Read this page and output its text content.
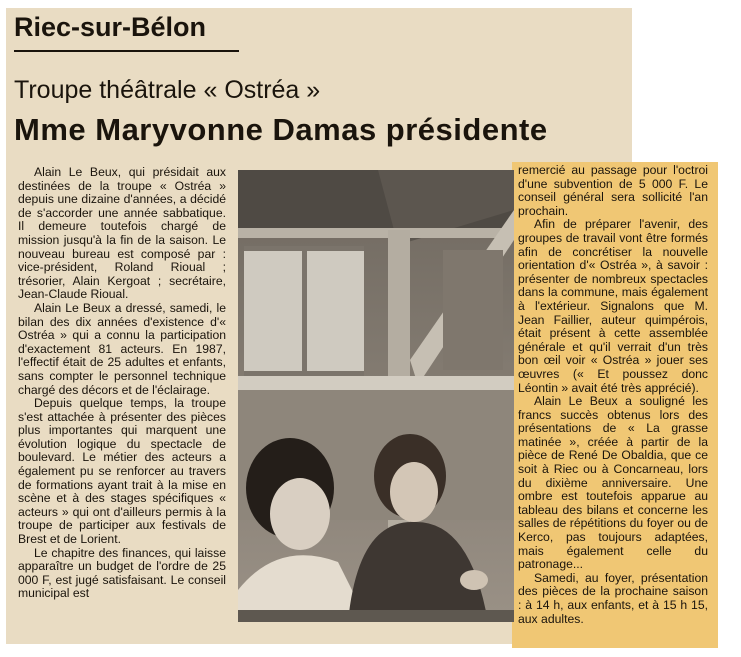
Riec-sur-Bélon
Troupe théâtrale « Ostréa »
Mme Maryvonne Damas présidente

Alain Le Beux, qui présidait aux destinées de la troupe « Ostréa » depuis une dizaine d'années, a décidé de s'accorder une année sabbatique. Il demeure toutefois chargé de mission jusqu'à la fin de la saison. Le nouveau bureau est composé par : vice-président, Roland Rioual ; trésorier, Alain Kergoat ; secrétaire, Jean-Claude Rioual.

Alain Le Beux a dressé, samedi, le bilan des dix années d'existence d'« Ostréa » qui a connu la participation d'exactement 81 acteurs. En 1987, l'effectif était de 25 adultes et enfants, sans compter le personnel technique chargé des décors et de l'éclairage.

Depuis quelque temps, la troupe s'est attachée à présenter des pièces plus importantes qui marquent une évolution logique du spectacle de boulevard. Le métier des acteurs a également pu se renforcer au travers de formations ayant trait à la mise en scène et à des stages spécifiques « acteurs » qui ont d'ailleurs permis à la troupe de participer aux festivals de Brest et de Lorient.

Le chapitre des finances, qui laisse apparaître un budget de l'ordre de 25 000 F, est jugé satisfaisant. Le conseil municipal est

remercié au passage pour l'octroi d'une subvention de 5 000 F. Le conseil général sera sollicité l'an prochain.

Afin de préparer l'avenir, des groupes de travail vont être formés afin de concrétiser la nouvelle orientation d'« Ostréa », à savoir : présenter de nombreux spectacles dans la commune, mais également à l'extérieur. Signalons que M. Jean Faillier, auteur quimpérois, était présent à cette assemblée générale et qu'il verrait d'un très bon œil voir « Ostréa » jouer ses œuvres (« Et poussez donc Léontin » avait été très apprécié).

Alain Le Beux a souligné les francs succès obtenus lors des présentations de « La grasse matinée », créée à partir de la pièce de René De Obaldia, que ce soit à Riec ou à Concarneau, lors du dixième anniversaire. Une ombre est toutefois apparue au tableau des bilans et concerne les salles de répétitions du foyer ou de Kerco, pas toujours adaptées, mais également celle du patronage...

Samedi, au foyer, présentation des pièces de la prochaine saison : à 14 h, aux enfants, et à 15 h 15, aux adultes.
